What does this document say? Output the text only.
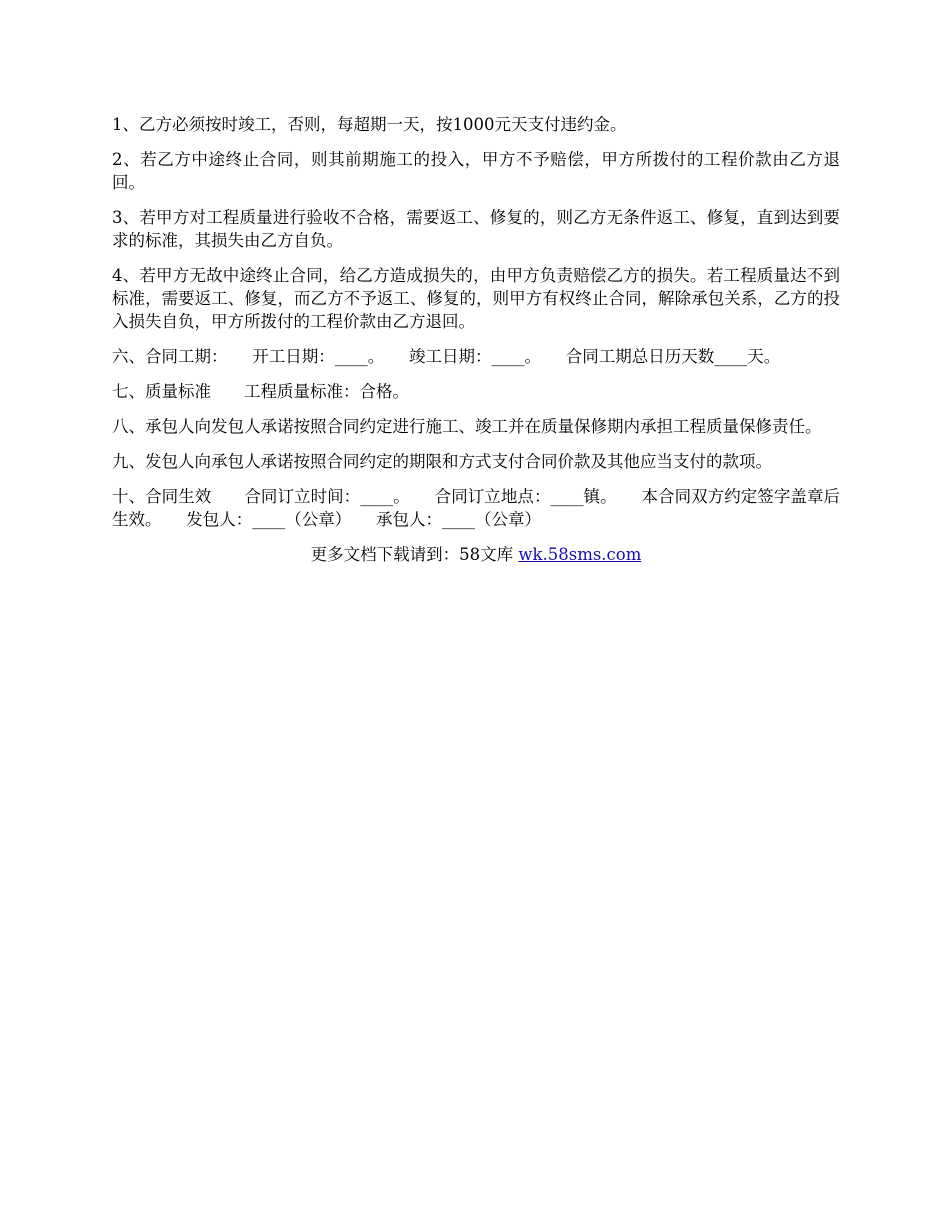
1、乙方必须按时竣工，否则，每超期一天，按1000元天支付违约金。

2、若乙方中途终止合同，则其前期施工的投入，甲方不予赔偿，甲方所拨付的工程价款由乙方退回。

3、若甲方对工程质量进行验收不合格，需要返工、修复的，则乙方无条件返工、修复，直到达到要求的标准，其损失由乙方自负。

4、若甲方无故中途终止合同，给乙方造成损失的，由甲方负责赔偿乙方的损失。若工程质量达不到标准，需要返工、修复，而乙方不予返工、修复的，则甲方有权终止合同，解除承包关系，乙方的投入损失自负，甲方所拨付的工程价款由乙方退回。

六、合同工期：　　开工日期：____。　　竣工日期：____。　　合同工期总日历天数____天。

七、质量标准　　工程质量标准：合格。

八、承包人向发包人承诺按照合同约定进行施工、竣工并在质量保修期内承担工程质量保修责任。

九、发包人向承包人承诺按照合同约定的期限和方式支付合同价款及其他应当支付的款项。

十、合同生效　　合同订立时间：____。　　合同订立地点：____镇。　　本合同双方约定签字盖章后生效。　　发包人：____（公章）　　承包人：____（公章）

更多文档下载请到：58文库 wk.58sms.com
